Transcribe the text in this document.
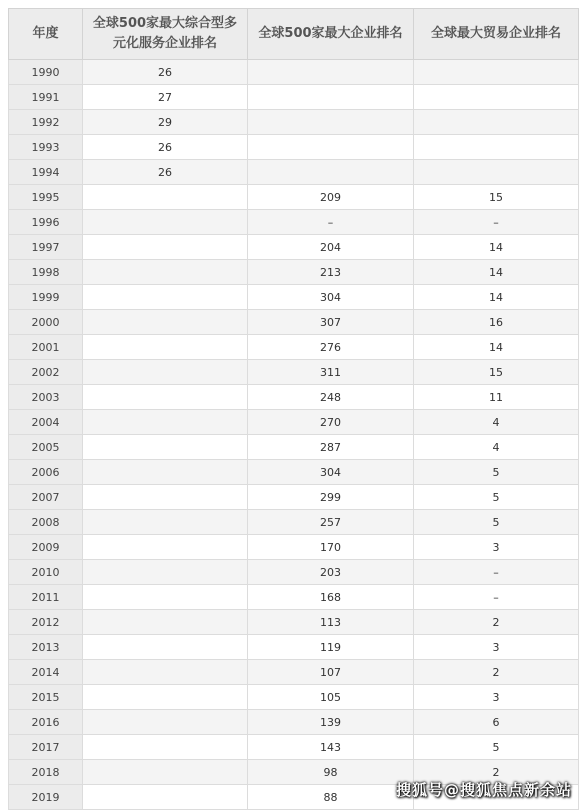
年度	全球500家最大综合型多元化服务企业排名	全球500家最大企业排名	全球最大贸易企业排名
1990	26		
1991	27		
1992	29		
1993	26		
1994	26		
1995		209	15
1996		–	–
1997		204	14
1998		213	14
1999		304	14
2000		307	16
2001		276	14
2002		311	15
2003		248	11
2004		270	4
2005		287	4
2006		304	5
2007		299	5
2008		257	5
2009		170	3
2010		203	–
2011		168	–
2012		113	2
2013		119	3
2014		107	2
2015		105	3
2016		139	6
2017		143	5
2018		98	2
2019		88		搜狐号@搜狐焦点新余站
